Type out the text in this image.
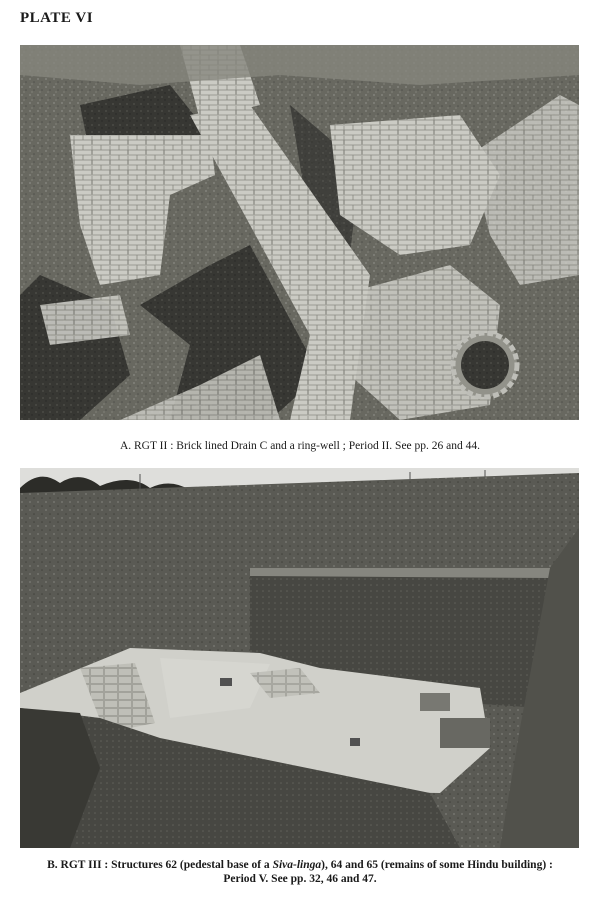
PLATE VI

A. RGT II : Brick lined Drain C and a ring-well ; Period II. See pp. 26 and 44.

B. RGT III : Structures 62 (pedestal base of a Siva-linga), 64 and 65 (remains of some Hindu building) : Period V. See pp. 32, 46 and 47.
